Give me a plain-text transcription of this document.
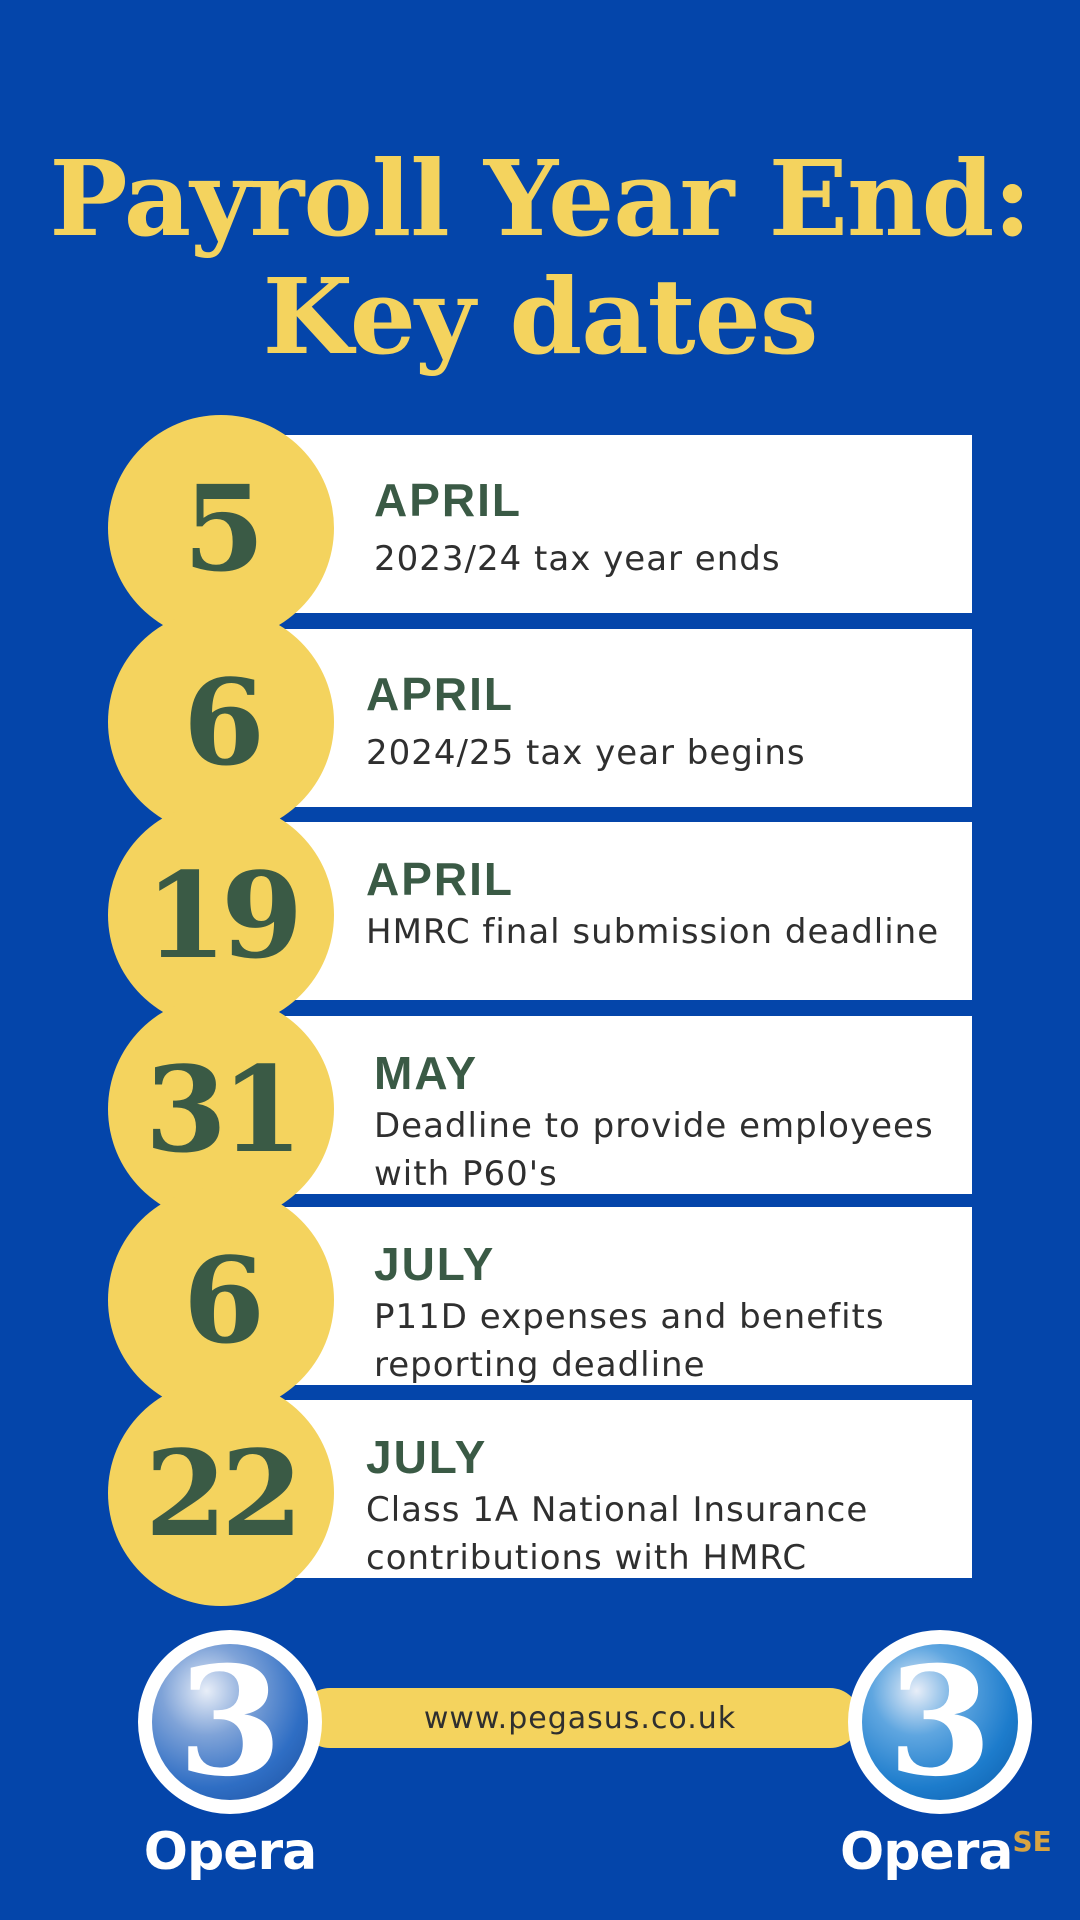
Payroll Year End:
Key dates
APRIL
2023/24 tax year ends
5
APRIL
2024/25 tax year begins
6
APRIL
HMRC final submission deadline
19
MAY
Deadline to provide employees with P60's
31
JULY
P11D expenses and benefits reporting deadline
6
JULY
Class 1A National Insurance contributions with HMRC
22
www.pegasus.co.uk
3
Opera
3
Opera$^{SE}$
